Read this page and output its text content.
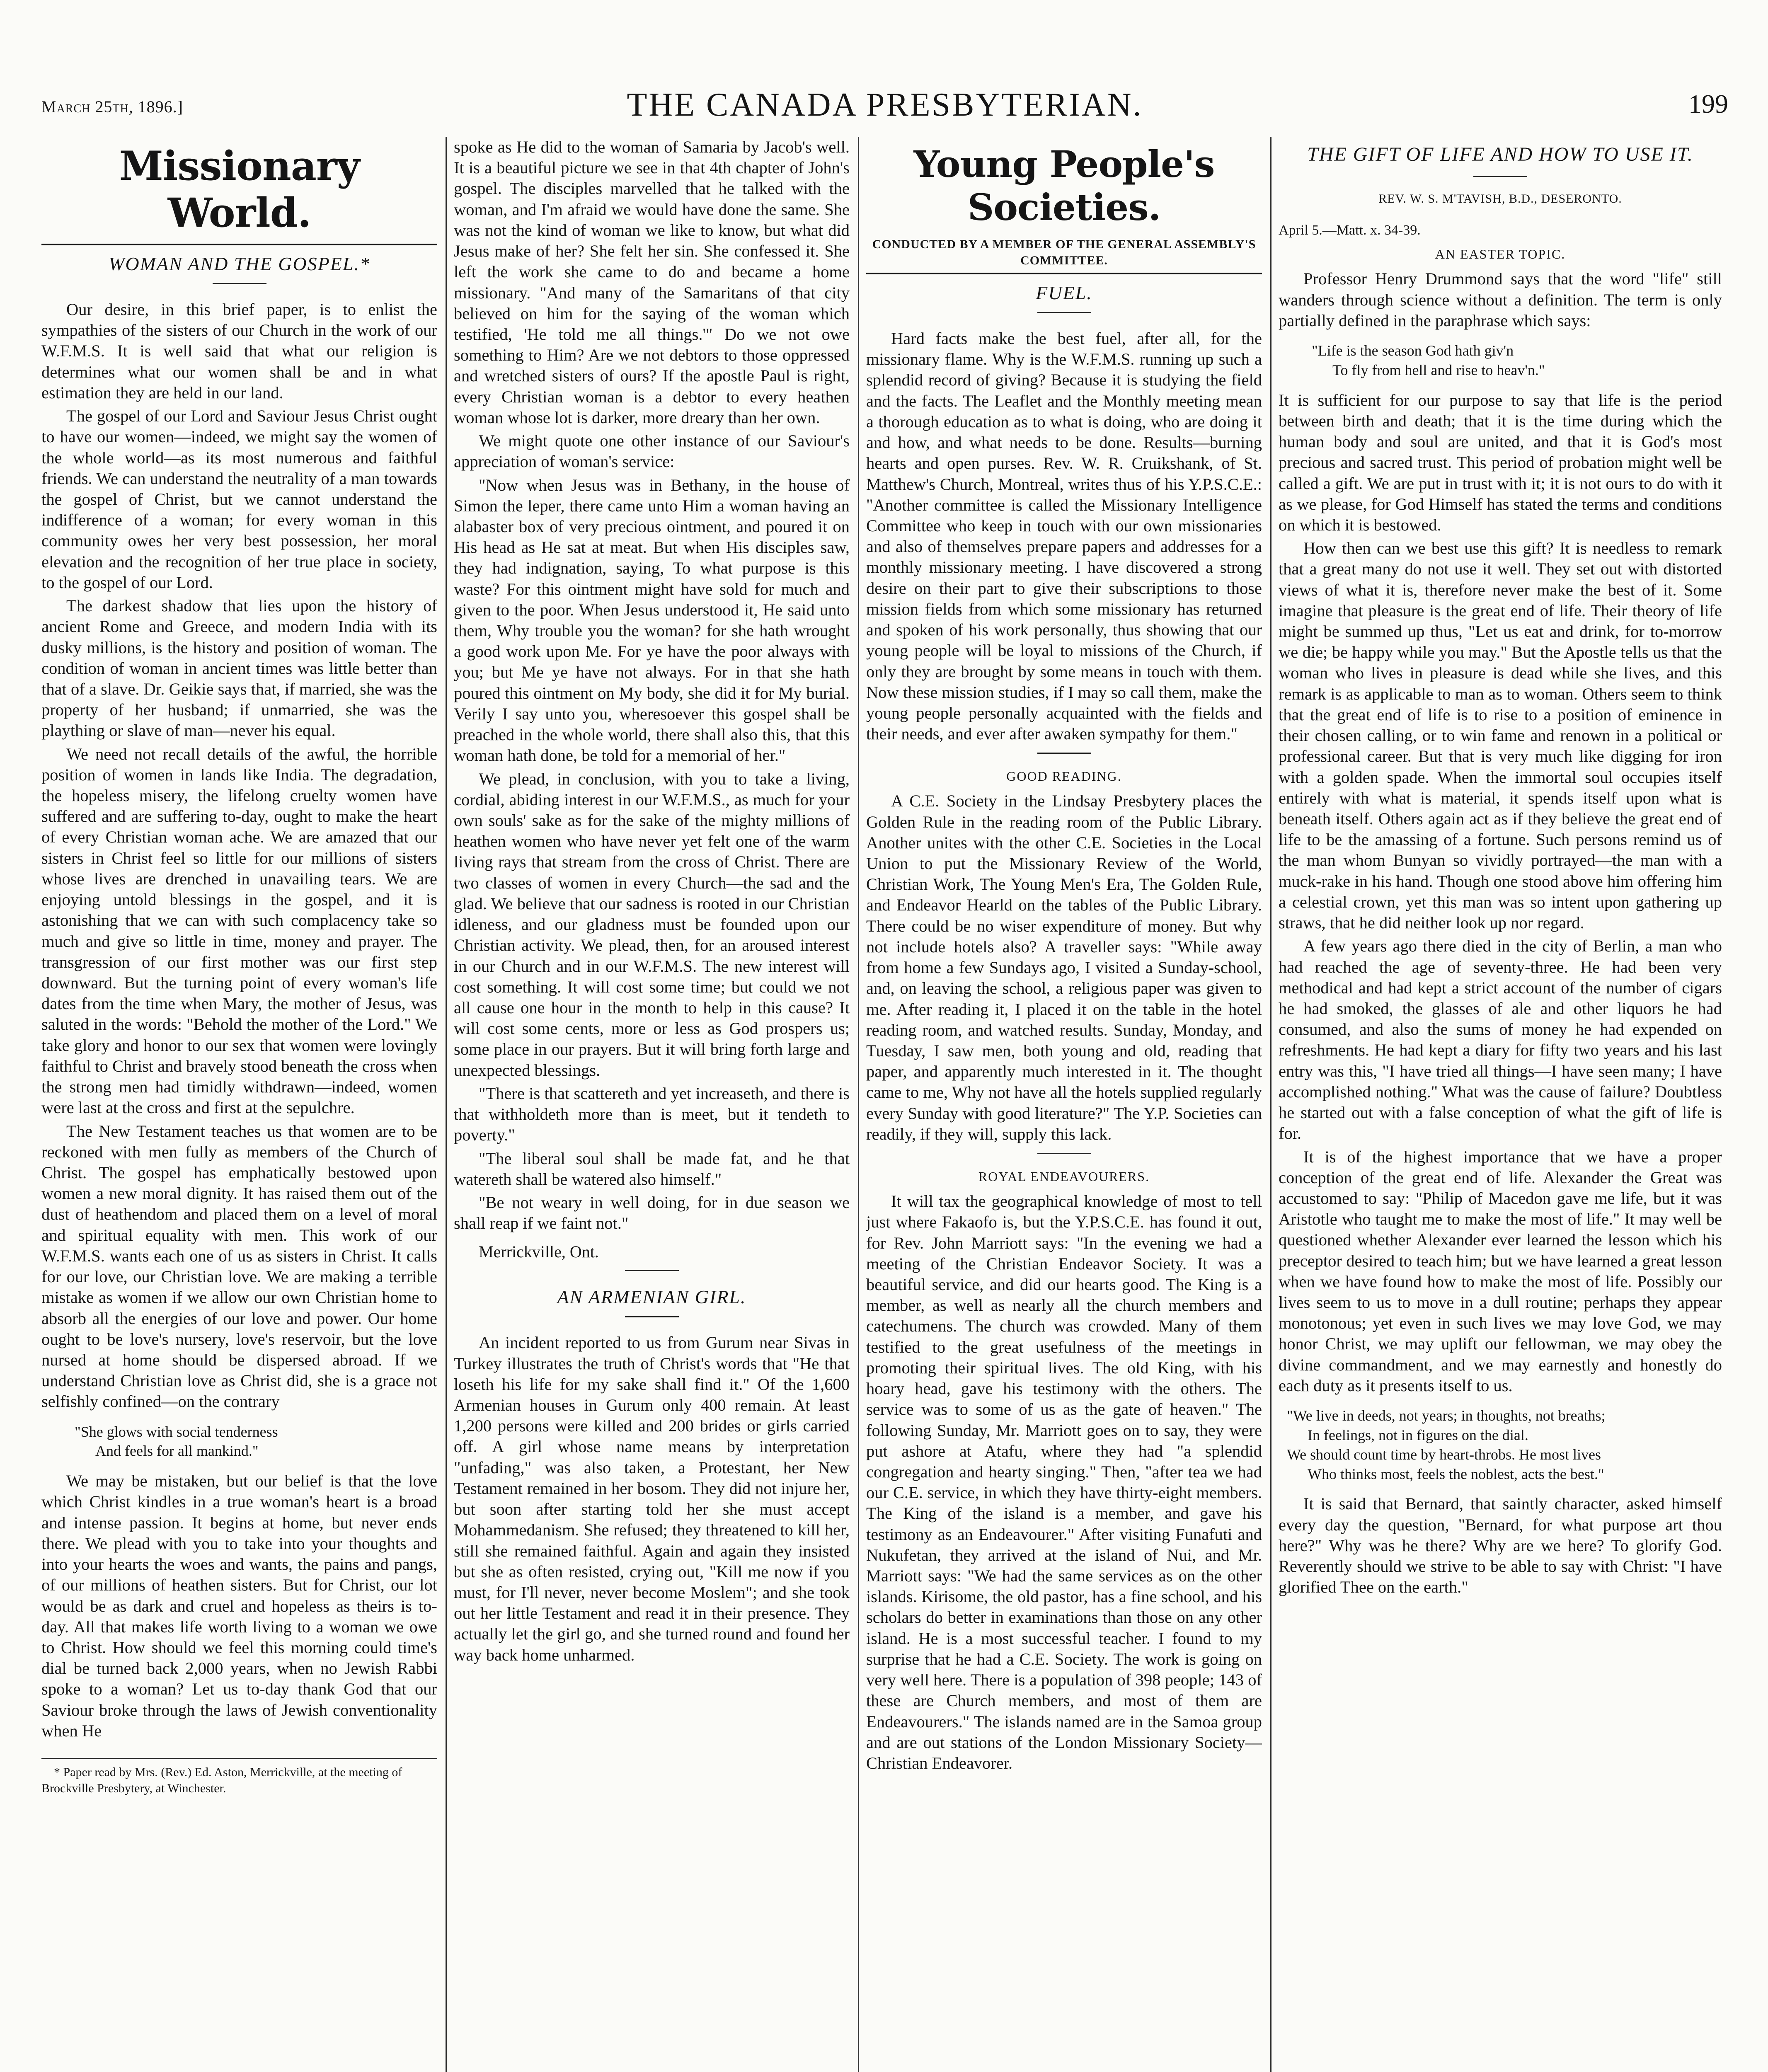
March 25th, 1896.]	THE CANADA PRESBYTERIAN.	199
Missionary World.
WOMAN AND THE GOSPEL.*

Our desire, in this brief paper, is to enlist the sympathies of the sisters of our Church in the work of our W.F.M.S. It is well said that what our religion is determines what our women shall be and in what estimation they are held in our land.

The gospel of our Lord and Saviour Jesus Christ ought to have our women—indeed, we might say the women of the whole world—as its most numerous and faithful friends. We can understand the neutrality of a man towards the gospel of Christ, but we cannot understand the indifference of a woman; for every woman in this community owes her very best possession, her moral elevation and the recognition of her true place in society, to the gospel of our Lord.

The darkest shadow that lies upon the history of ancient Rome and Greece, and modern India with its dusky millions, is the history and position of woman. The condition of woman in ancient times was little better than that of a slave. Dr. Geikie says that, if married, she was the property of her husband; if unmarried, she was the plaything or slave of man—never his equal.

We need not recall details of the awful, the horrible position of women in lands like India. The degradation, the hopeless misery, the lifelong cruelty women have suffered and are suffering to-day, ought to make the heart of every Christian woman ache. We are amazed that our sisters in Christ feel so little for our millions of sisters whose lives are drenched in unavailing tears. We are enjoying untold blessings in the gospel, and it is astonishing that we can with such complacency take so much and give so little in time, money and prayer. The transgression of our first mother was our first step downward. But the turning point of every woman's life dates from the time when Mary, the mother of Jesus, was saluted in the words: "Behold the mother of the Lord." We take glory and honor to our sex that women were lovingly faithful to Christ and bravely stood beneath the cross when the strong men had timidly withdrawn—indeed, women were last at the cross and first at the sepulchre.

The New Testament teaches us that women are to be reckoned with men fully as members of the Church of Christ. The gospel has emphatically bestowed upon women a new moral dignity. It has raised them out of the dust of heathendom and placed them on a level of moral and spiritual equality with men. This work of our W.F.M.S. wants each one of us as sisters in Christ. It calls for our love, our Christian love. We are making a terrible mistake as women if we allow our own Christian home to absorb all the energies of our love and power. Our home ought to be love's nursery, love's reservoir, but the love nursed at home should be dispersed abroad. If we understand Christian love as Christ did, she is a grace not selfishly confined—on the contrary

"She glows with social tenderness
And feels for all mankind."

We may be mistaken, but our belief is that the love which Christ kindles in a true woman's heart is a broad and intense passion. It begins at home, but never ends there. We plead with you to take into your thoughts and into your hearts the woes and wants, the pains and pangs, of our millions of heathen sisters. But for Christ, our lot would be as dark and cruel and hopeless as theirs is to-day. All that makes life worth living to a woman we owe to Christ. How should we feel this morning could time's dial be turned back 2,000 years, when no Jewish Rabbi spoke to a woman? Let us to-day thank God that our Saviour broke through the laws of Jewish conventionality when He

* Paper read by Mrs. (Rev.) Ed. Aston, Merrickville, at the meeting of Brockville Presbytery, at Winchester.

spoke as He did to the woman of Samaria by Jacob's well. It is a beautiful picture we see in that 4th chapter of John's gospel. The disciples marvelled that he talked with the woman, and I'm afraid we would have done the same. She was not the kind of woman we like to know, but what did Jesus make of her? She felt her sin. She confessed it. She left the work she came to do and became a home missionary. "And many of the Samaritans of that city believed on him for the saying of the woman which testified, 'He told me all things.'" Do we not owe something to Him? Are we not debtors to those oppressed and wretched sisters of ours? If the apostle Paul is right, every Christian woman is a debtor to every heathen woman whose lot is darker, more dreary than her own.

We might quote one other instance of our Saviour's appreciation of woman's service:

"Now when Jesus was in Bethany, in the house of Simon the leper, there came unto Him a woman having an alabaster box of very precious ointment, and poured it on His head as He sat at meat. But when His disciples saw, they had indignation, saying, To what purpose is this waste? For this ointment might have sold for much and given to the poor. When Jesus understood it, He said unto them, Why trouble you the woman? for she hath wrought a good work upon Me. For ye have the poor always with you; but Me ye have not always. For in that she hath poured this ointment on My body, she did it for My burial. Verily I say unto you, wheresoever this gospel shall be preached in the whole world, there shall also this, that this woman hath done, be told for a memorial of her."

We plead, in conclusion, with you to take a living, cordial, abiding interest in our W.F.M.S., as much for your own souls' sake as for the sake of the mighty millions of heathen women who have never yet felt one of the warm living rays that stream from the cross of Christ. There are two classes of women in every Church—the sad and the glad. We believe that our sadness is rooted in our Christian idleness, and our gladness must be founded upon our Christian activity. We plead, then, for an aroused interest in our Church and in our W.F.M.S. The new interest will cost something. It will cost some time; but could we not all cause one hour in the month to help in this cause? It will cost some cents, more or less as God prospers us; some place in our prayers. But it will bring forth large and unexpected blessings.

"There is that scattereth and yet increaseth, and there is that withholdeth more than is meet, but it tendeth to poverty."

"The liberal soul shall be made fat, and he that watereth shall be watered also himself."

"Be not weary in well doing, for in due season we shall reap if we faint not."

Merrickville, Ont.
AN ARMENIAN GIRL.

An incident reported to us from Gurum near Sivas in Turkey illustrates the truth of Christ's words that "He that loseth his life for my sake shall find it." Of the 1,600 Armenian houses in Gurum only 400 remain. At least 1,200 persons were killed and 200 brides or girls carried off. A girl whose name means by interpretation "unfading," was also taken, a Protestant, her New Testament remained in her bosom. They did not injure her, but soon after starting told her she must accept Mohammedanism. She refused; they threatened to kill her, still she remained faithful. Again and again they insisted but she as often resisted, crying out, "Kill me now if you must, for I'll never, never become Moslem"; and she took out her little Testament and read it in their presence. They actually let the girl go, and she turned round and found her way back home unharmed.

Young People's Societies.
CONDUCTED BY A MEMBER OF THE GENERAL ASSEMBLY'S COMMITTEE.
FUEL.

Hard facts make the best fuel, after all, for the missionary flame. Why is the W.F.M.S. running up such a splendid record of giving? Because it is studying the field and the facts. The Leaflet and the Monthly meeting mean a thorough education as to what is doing, who are doing it and how, and what needs to be done. Results—burning hearts and open purses. Rev. W. R. Cruikshank, of St. Matthew's Church, Montreal, writes thus of his Y.P.S.C.E.: "Another committee is called the Missionary Intelligence Committee who keep in touch with our own missionaries and also of themselves prepare papers and addresses for a monthly missionary meeting. I have discovered a strong desire on their part to give their subscriptions to those mission fields from which some missionary has returned and spoken of his work personally, thus showing that our young people will be loyal to missions of the Church, if only they are brought by some means in touch with them. Now these mission studies, if I may so call them, make the young people personally acquainted with the fields and their needs, and ever after awaken sympathy for them."

GOOD READING.

A C.E. Society in the Lindsay Presbytery places the Golden Rule in the reading room of the Public Library. Another unites with the other C.E. Societies in the Local Union to put the Missionary Review of the World, Christian Work, The Young Men's Era, The Golden Rule, and Endeavor Hearld on the tables of the Public Library. There could be no wiser expenditure of money. But why not include hotels also? A traveller says: "While away from home a few Sundays ago, I visited a Sunday-school, and, on leaving the school, a religious paper was given to me. After reading it, I placed it on the table in the hotel reading room, and watched results. Sunday, Monday, and Tuesday, I saw men, both young and old, reading that paper, and apparently much interested in it. The thought came to me, Why not have all the hotels supplied regularly every Sunday with good literature?" The Y.P. Societies can readily, if they will, supply this lack.

ROYAL ENDEAVOURERS.

It will tax the geographical knowledge of most to tell just where Fakaofo is, but the Y.P.S.C.E. has found it out, for Rev. John Marriott says: "In the evening we had a meeting of the Christian Endeavor Society. It was a beautiful service, and did our hearts good. The King is a member, as well as nearly all the church members and catechumens. The church was crowded. Many of them testified to the great usefulness of the meetings in promoting their spiritual lives. The old King, with his hoary head, gave his testimony with the others. The service was to some of us as the gate of heaven." The following Sunday, Mr. Marriott goes on to say, they were put ashore at Atafu, where they had "a splendid congregation and hearty singing." Then, "after tea we had our C.E. service, in which they have thirty-eight members. The King of the island is a member, and gave his testimony as an Endeavourer." After visiting Funafuti and Nukufetan, they arrived at the island of Nui, and Mr. Marriott says: "We had the same services as on the other islands. Kirisome, the old pastor, has a fine school, and his scholars do better in examinations than those on any other island. He is a most successful teacher. I found to my surprise that he had a C.E. Society. The work is going on very well here. There is a population of 398 people; 143 of these are Church members, and most of them are Endeavourers." The islands named are in the Samoa group and are out stations of the London Missionary Society—Christian Endeavorer.

THE GIFT OF LIFE AND HOW TO USE IT.
REV. W. S. M'TAVISH, B.D., DESERONTO.
April 5.—Matt. x. 34-39.
AN EASTER TOPIC.

Professor Henry Drummond says that the word "life" still wanders through science without a definition. The term is only partially defined in the paraphrase which says:

"Life is the season God hath giv'n
To fly from hell and rise to heav'n."

It is sufficient for our purpose to say that life is the period between birth and death; that it is the time during which the human body and soul are united, and that it is God's most precious and sacred trust. This period of probation might well be called a gift. We are put in trust with it; it is not ours to do with it as we please, for God Himself has stated the terms and conditions on which it is bestowed.

How then can we best use this gift? It is needless to remark that a great many do not use it well. They set out with distorted views of what it is, therefore never make the best of it. Some imagine that pleasure is the great end of life. Their theory of life might be summed up thus, "Let us eat and drink, for to-morrow we die; be happy while you may." But the Apostle tells us that the woman who lives in pleasure is dead while she lives, and this remark is as applicable to man as to woman. Others seem to think that the great end of life is to rise to a position of eminence in their chosen calling, or to win fame and renown in a political or professional career. But that is very much like digging for iron with a golden spade. When the immortal soul occupies itself entirely with what is material, it spends itself upon what is beneath itself. Others again act as if they believe the great end of life to be the amassing of a fortune. Such persons remind us of the man whom Bunyan so vividly portrayed—the man with a muck-rake in his hand. Though one stood above him offering him a celestial crown, yet this man was so intent upon gathering up straws, that he did neither look up nor regard.

A few years ago there died in the city of Berlin, a man who had reached the age of seventy-three. He had been very methodical and had kept a strict account of the number of cigars he had smoked, the glasses of ale and other liquors he had consumed, and also the sums of money he had expended on refreshments. He had kept a diary for fifty two years and his last entry was this, "I have tried all things—I have seen many; I have accomplished nothing." What was the cause of failure? Doubtless he started out with a false conception of what the gift of life is for.

It is of the highest importance that we have a proper conception of the great end of life. Alexander the Great was accustomed to say: "Philip of Macedon gave me life, but it was Aristotle who taught me to make the most of life." It may well be questioned whether Alexander ever learned the lesson which his preceptor desired to teach him; but we have learned a great lesson when we have found how to make the most of life. Possibly our lives seem to us to move in a dull routine; perhaps they appear monotonous; yet even in such lives we may love God, we may honor Christ, we may uplift our fellowman, we may obey the divine commandment, and we may earnestly and honestly do each duty as it presents itself to us.

"We live in deeds, not years; in thoughts, not breaths;
In feelings, not in figures on the dial.
We should count time by heart-throbs. He most lives
Who thinks most, feels the noblest, acts the best."

It is said that Bernard, that saintly character, asked himself every day the question, "Bernard, for what purpose art thou here?" Why was he there? Why are we here? To glorify God. Reverently should we strive to be able to say with Christ: "I have glorified Thee on the earth."
